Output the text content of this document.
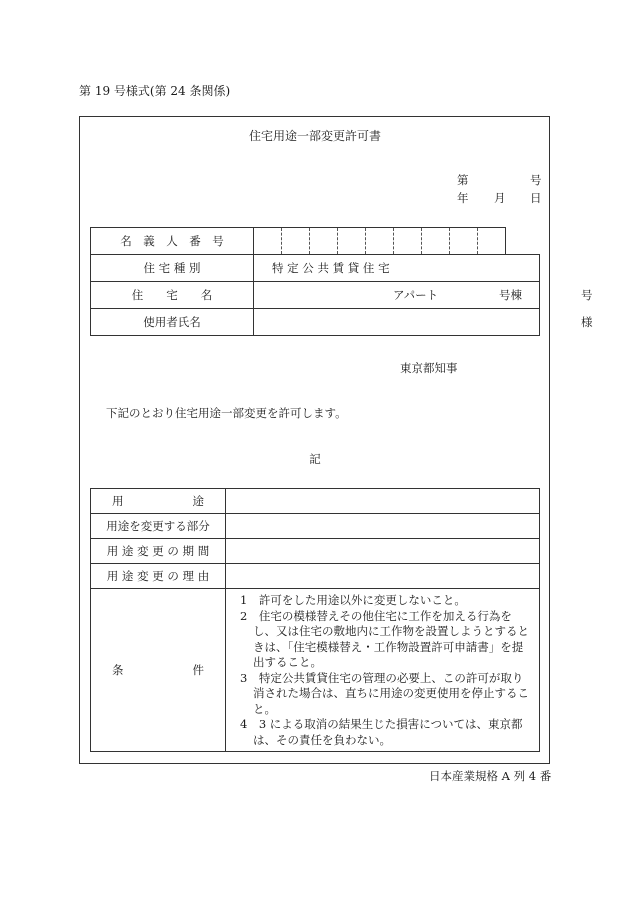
第 19 号様式(第 24 条関係)
住宅用途一部変更許可書
第	号
年 月 日
名　義　人　番　号										
住 宅 種 別	特 定 公 共 賃 貸 住 宅									
住　　宅　　名	アパート 号棟 号									

使用者氏名	様									
東京都知事
下記のとおり住宅用途一部変更を許可します。
記
用　　　　　　途	
用途を変更する部分	
用 途 変 更 の 期 間	
用 途 変 更 の 理 由	
条　　　　　　件	1　許可をした用途以外に変更しないこと。
2　住宅の模様替えその他住宅に工作を加える行為をし、又は住宅の敷地内に工作物を設置しようとするときは、「住宅模様替え・工作物設置許可申請書」を提出すること。
3　特定公共賃貸住宅の管理の必要上、この許可が取り消された場合は、直ちに用途の変更使用を停止すること。
4　3 による取消の結果生じた損害については、東京都は、その責任を負わない。
日本産業規格 A 列 4 番
